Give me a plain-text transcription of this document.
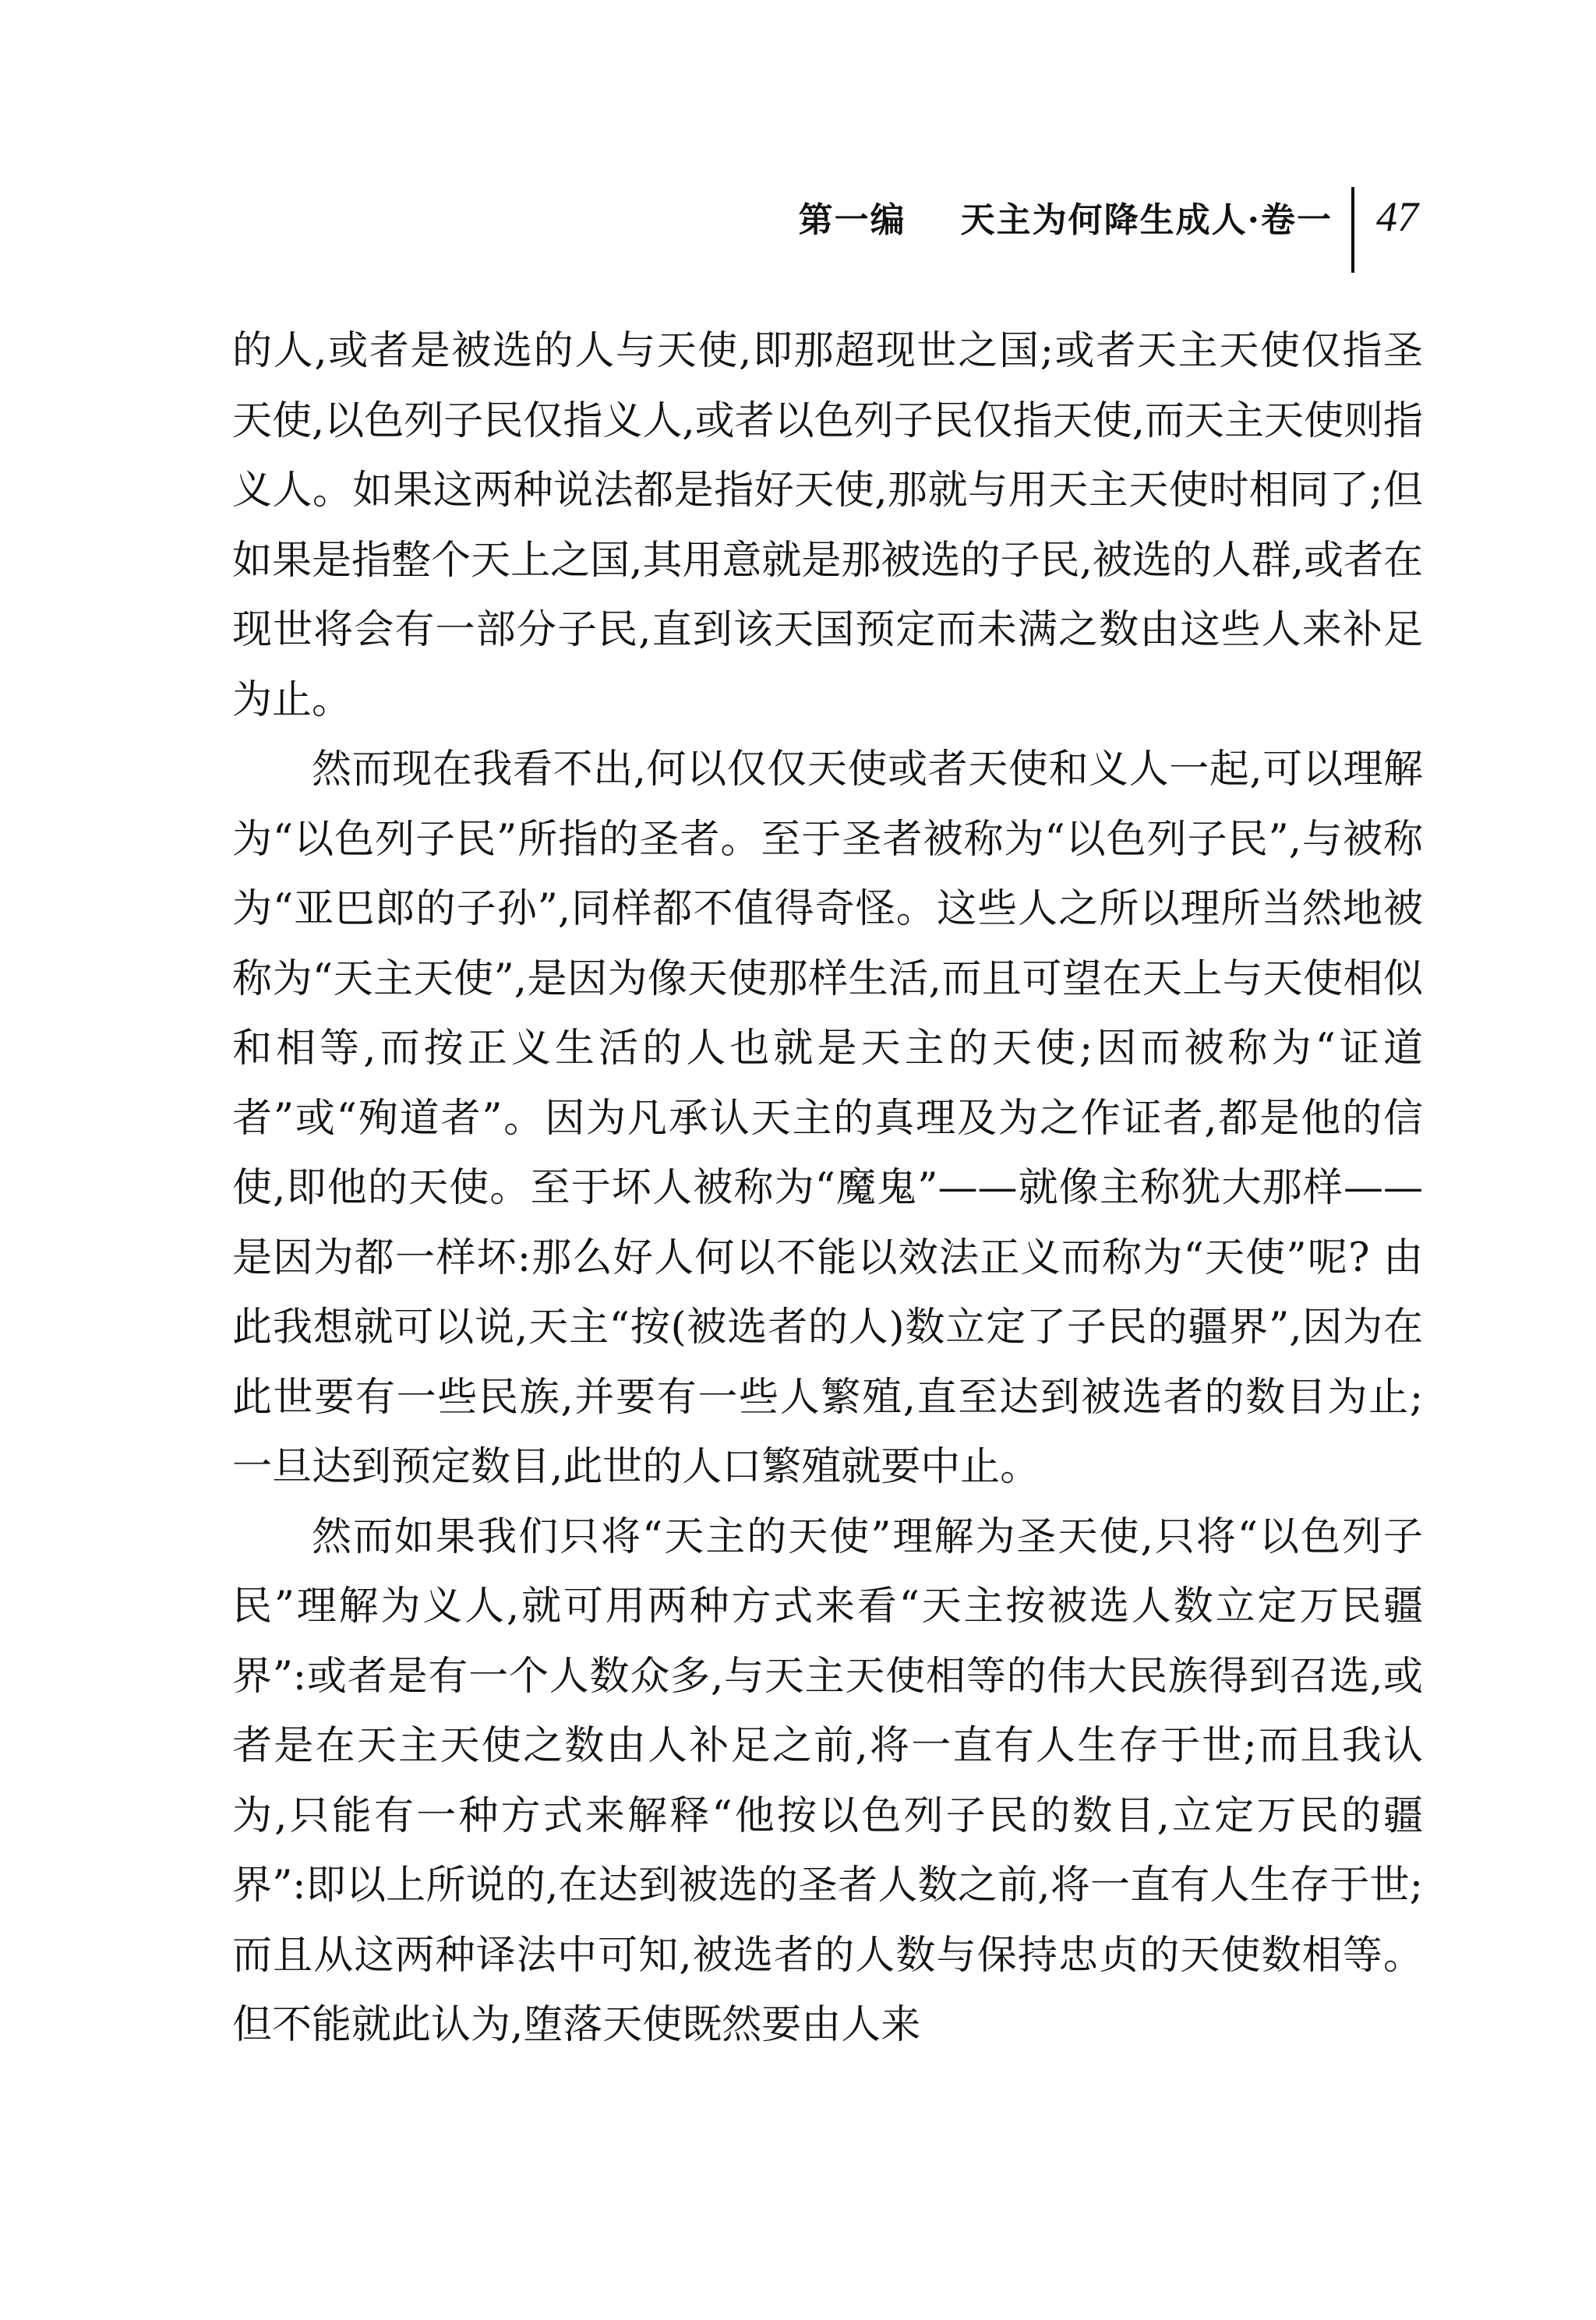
第一编 天主为何降生成人·卷一 47

的人,或者是被选的人与天使,即那超现世之国;或者天主天使仅指圣天使,以色列子民仅指义人,或者以色列子民仅指天使,而天主天使则指义人。如果这两种说法都是指好天使,那就与用天主天使时相同了;但如果是指整个天上之国,其用意就是那被选的子民,被选的人群,或者在现世将会有一部分子民,直到该天国预定而未满之数由这些人来补足为止。

然而现在我看不出,何以仅仅天使或者天使和义人一起,可以理解为“以色列子民”所指的圣者。至于圣者被称为“以色列子民”,与被称为“亚巴郎的子孙”,同样都不值得奇怪。这些人之所以理所当然地被称为“天主天使”,是因为像天使那样生活,而且可望在天上与天使相似和相等,而按正义生活的人也就是天主的天使;因而被称为“证道者”或“殉道者”。因为凡承认天主的真理及为之作证者,都是他的信使,即他的天使。至于坏人被称为“魔鬼”——就像主称犹大那样——是因为都一样坏:那么好人何以不能以效法正义而称为“天使”呢? 由此我想就可以说,天主“按(被选者的人)数立定了子民的疆界”,因为在此世要有一些民族,并要有一些人繁殖,直至达到被选者的数目为止;一旦达到预定数目,此世的人口繁殖就要中止。

然而如果我们只将“天主的天使”理解为圣天使,只将“以色列子民”理解为义人,就可用两种方式来看“天主按被选人数立定万民疆界”:或者是有一个人数众多,与天主天使相等的伟大民族得到召选,或者是在天主天使之数由人补足之前,将一直有人生存于世;而且我认为,只能有一种方式来解释“他按以色列子民的数目,立定万民的疆界”:即以上所说的,在达到被选的圣者人数之前,将一直有人生存于世;而且从这两种译法中可知,被选者的人数与保持忠贞的天使数相等。但不能就此认为,堕落天使既然要由人来
